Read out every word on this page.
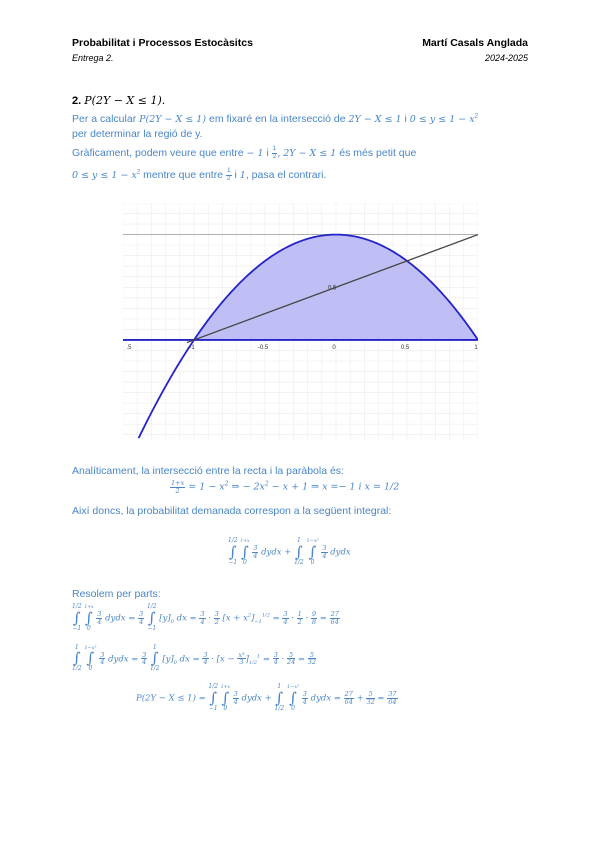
Probabilitat i Processos Estocàsitcs	Martí Casals Anglada
Entrega 2.	2024-2025
2. P(2Y − X ≤ 1).
Per a calcular P(2Y − X ≤ 1) em fixaré en la intersecció de 2Y − X ≤ 1 i $0 \le y \le 1 - x^2$
per determinar la regió de y.
Gràficament, podem veure que entre − 1 i $\frac{1}{2}$ , 2Y − X ≤ 1 és més petit que
$0 \le y \le 1 - x^2$ mentre que entre $\frac{1}{2}$ i 1, pasa el contrari.
.5	-1	-0.5	0	0.5	1
0.5
Analíticament, la intersecció entre la recta i la paràbola és:
$\frac{1+x}{2} = 1 - x^2$ ⇒ − $2x^2 - x + 1$ ⇒ x =− 1 i x = 1/2
Així doncs, la probabilitat demanada correspon a la següent integral:
1/2
∫
−1 1+x
∫
0
$\frac{3}{4}$ dydx + 1
∫
1/2 1−x²
∫
0
$\frac{3}{4}$ dydx
Resolem per parts:
1/2
∫
−1 1+x
∫
0
$\frac{3}{4}$ dydx = $\frac{3}{4}$
1/2
∫
−1 $[y]_0$ dx = $\frac{3}{4} \cdot \frac{3}{2} [x + x^2]_{-1}^{1/2} = \frac{3}{4} \cdot \frac{1}{2} \cdot \frac{9}{8} = \frac{27}{64}$
1
∫
1/2 1−x²
∫
0
$\frac{3}{4}$ dydx = $\frac{3}{4}$
1
∫
1/2 $[y]_0$ dx = $\frac{3}{4} \cdot [x - \frac{\text{x³}}{3} ]_{1/2}^1 = \frac{3}{4} \cdot \frac{5}{24} = \frac{5}{32}$
P(2Y − X ≤ 1) = 1/2
∫
−1 1+x
∫
0
$\frac{3}{4}$ dydx + 1
∫
1/2 1−x²
∫
0
$\frac{3}{4}$ dydx = $\frac{27}{64} + \frac{5}{32} = \frac{37}{64}$
